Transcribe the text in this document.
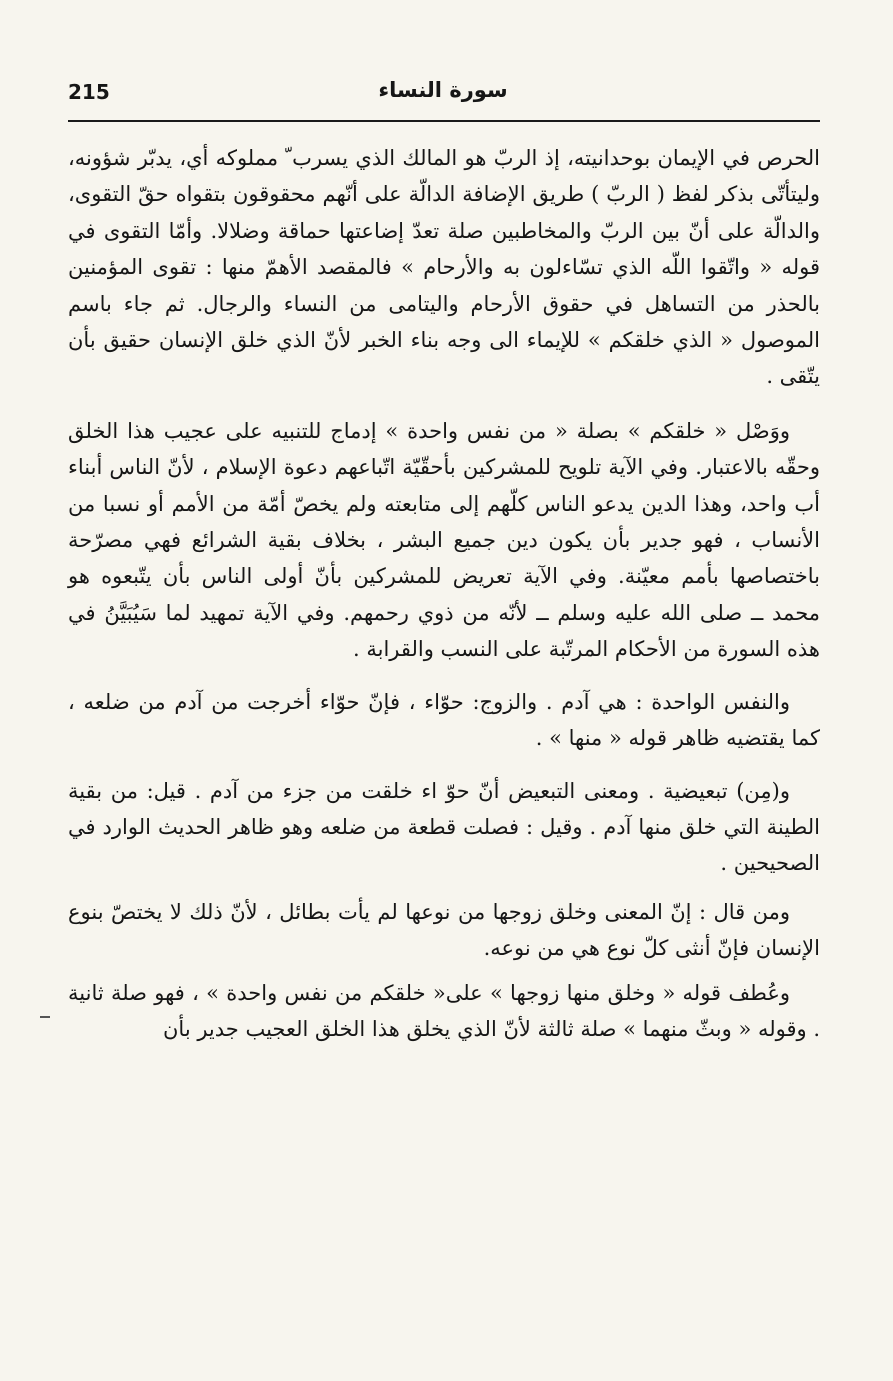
215	سورة النساء

الحرص في الإيمان بوحدانيته، إذ الربّ هو المالك الذي يسرب ّ مملوكه أي، يدبّر شؤونه، وليتأتّى بذكر لفظ ( الربّ ) طريق الإضافة الدالّة على أنّهم محقوقون بتقواه حقّ التقوى، والدالّة على أنّ بين الربّ والمخاطبين صلة تعدّ إضاعتها حماقة وضلالا. وأمّا التقوى في قوله « واتّقوا اللّه الذي تسّاءلون به والأرحام » فالمقصد الأهمّ منها : تقوى المؤمنين بالحذر من التساهل في حقوق الأرحام واليتامى من النساء والرجال. ثم جاء باسم الموصول « الذي خلقكم » للإيماء الى وجه بناء الخبر لأنّ الذي خلق الإنسان حقيق بأن يتّقى .

ووَصْل « خلقكم » بصلة « من نفس واحدة » إدماج للتنبيه على عجيب هذا الخلق وحقّه بالاعتبار. وفي الآية تلويح للمشركين بأحقّيّة اتّباعهم دعوة الإسلام ، لأنّ الناس أبناء أب واحد، وهذا الدين يدعو الناس كلّهم إلى متابعته ولم يخصّ أمّة من الأمم أو نسبا من الأنساب ، فهو جدير بأن يكون دين جميع البشر ، بخلاف بقية الشرائع فهي مصرّحة باختصاصها بأمم معيّنة. وفي الآية تعريض للمشركين بأنّ أولى الناس بأن يتّبعوه هو محمد ــ صلى الله عليه وسلم ــ لأنّه من ذوي رحمهم. وفي الآية تمهيد لما سَيُبَيَّنُ في هذه السورة من الأحكام المرتّبة على النسب والقرابة .

والنفس الواحدة : هي آدم . والزوج: حوّاء ، فإنّ حوّاء أخرجت من آدم من ضلعه ، كما يقتضيه ظاهر قوله « منها » .

و(مِن) تبعيضية . ومعنى التبعيض أنّ حوّ اء خلقت من جزء من آدم . قيل: من بقية الطينة التي خلق منها آدم . وقيل : فصلت قطعة من ضلعه وهو ظاهر الحديث الوارد في الصحيحين .

ومن قال : إنّ المعنى وخلق زوجها من نوعها لم يأت بطائل ، لأنّ ذلك لا يختصّ بنوع الإنسان فإنّ أنثى كلّ نوع هي من نوعه.

وعُطف قوله « وخلق منها زوجها » على« خلقكم من نفس واحدة » ، فهو صلة ثانية . وقوله « وبثّ منهما » صلة ثالثة لأنّ الذي يخلق هذا الخلق العجيب جدير بأن
